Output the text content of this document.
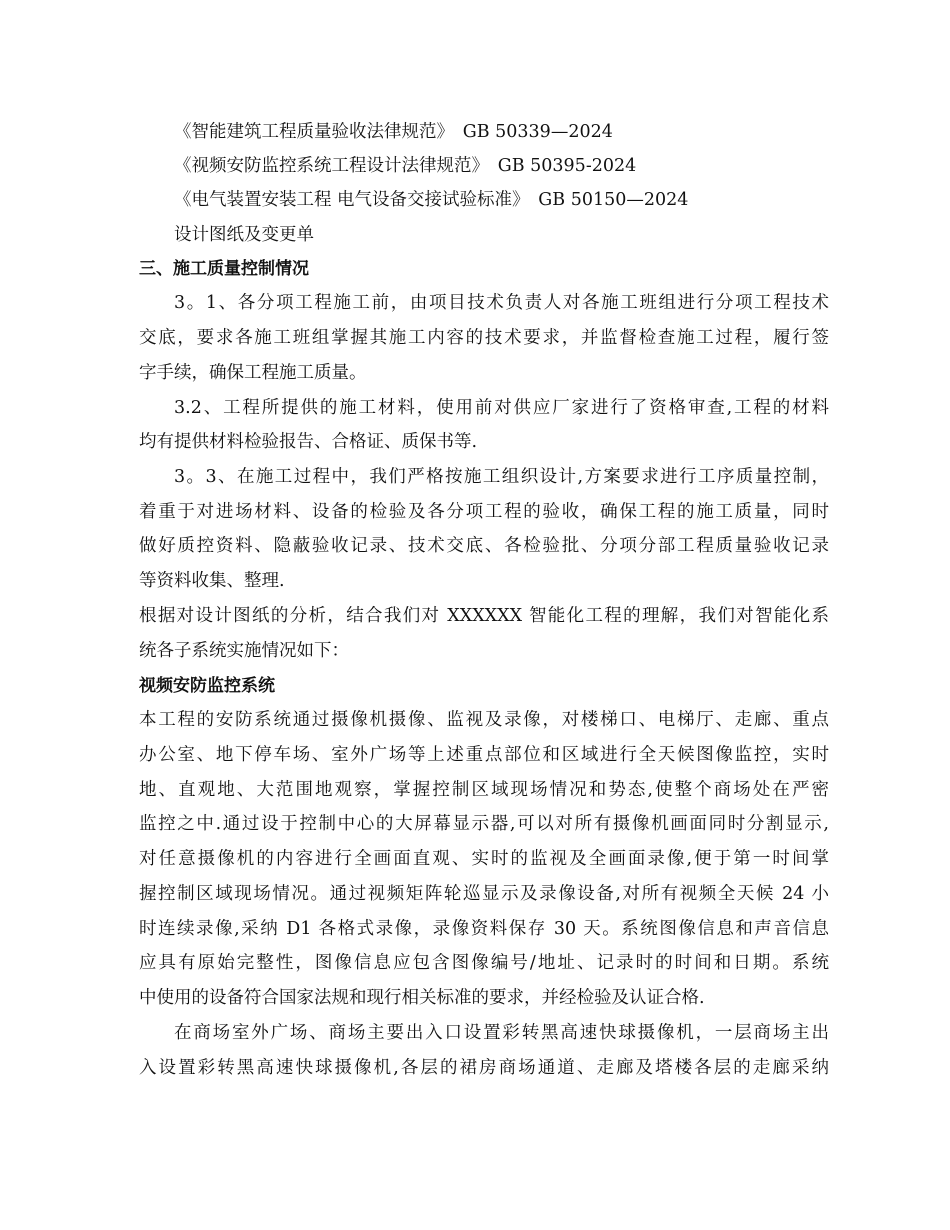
《智能建筑工程质量验收法律规范》　GB 50339—2024
《视频安防监控系统工程设计法律规范》　GB 50395-2024
《电气装置安装工程 电气设备交接试验标准》　GB 50150—2024
设计图纸及变更单
三、施工质量控制情况
3。1、各分项工程施工前，由项目技术负责人对各施工班组进行分项工程技术
交底，要求各施工班组掌握其施工内容的技术要求，并监督检查施工过程，履行签
字手续，确保工程施工质量。
3.2、工程所提供的施工材料，使用前对供应厂家进行了资格审查,工程的材料
均有提供材料检验报告、合格证、质保书等.
3。3、在施工过程中，我们严格按施工组织设计,方案要求进行工序质量控制，
着重于对进场材料、设备的检验及各分项工程的验收，确保工程的施工质量，同时
做好质控资料、隐蔽验收记录、技术交底、各检验批、分项分部工程质量验收记录
等资料收集、整理.
根据对设计图纸的分析，结合我们对 XXXXXX 智能化工程的理解，我们对智能化系
统各子系统实施情况如下：
视频安防监控系统
本工程的安防系统通过摄像机摄像、监视及录像，对楼梯口、电梯厅、走廊、重点
办公室、地下停车场、室外广场等上述重点部位和区域进行全天候图像监控，实时
地、直观地、大范围地观察，掌握控制区域现场情况和势态,使整个商场处在严密
监控之中.通过设于控制中心的大屏幕显示器,可以对所有摄像机画面同时分割显示,
对任意摄像机的内容进行全画面直观、实时的监视及全画面录像,便于第一时间掌
握控制区域现场情况。通过视频矩阵轮巡显示及录像设备,对所有视频全天候 24 小
时连续录像,采纳 D1 各格式录像，录像资料保存 30 天。系统图像信息和声音信息
应具有原始完整性，图像信息应包含图像编号/地址、记录时的时间和日期。系统
中使用的设备符合国家法规和现行相关标准的要求，并经检验及认证合格.
在商场室外广场、商场主要出入口设置彩转黑高速快球摄像机，一层商场主出
入设置彩转黑高速快球摄像机,各层的裙房商场通道、走廊及塔楼各层的走廊采纳
